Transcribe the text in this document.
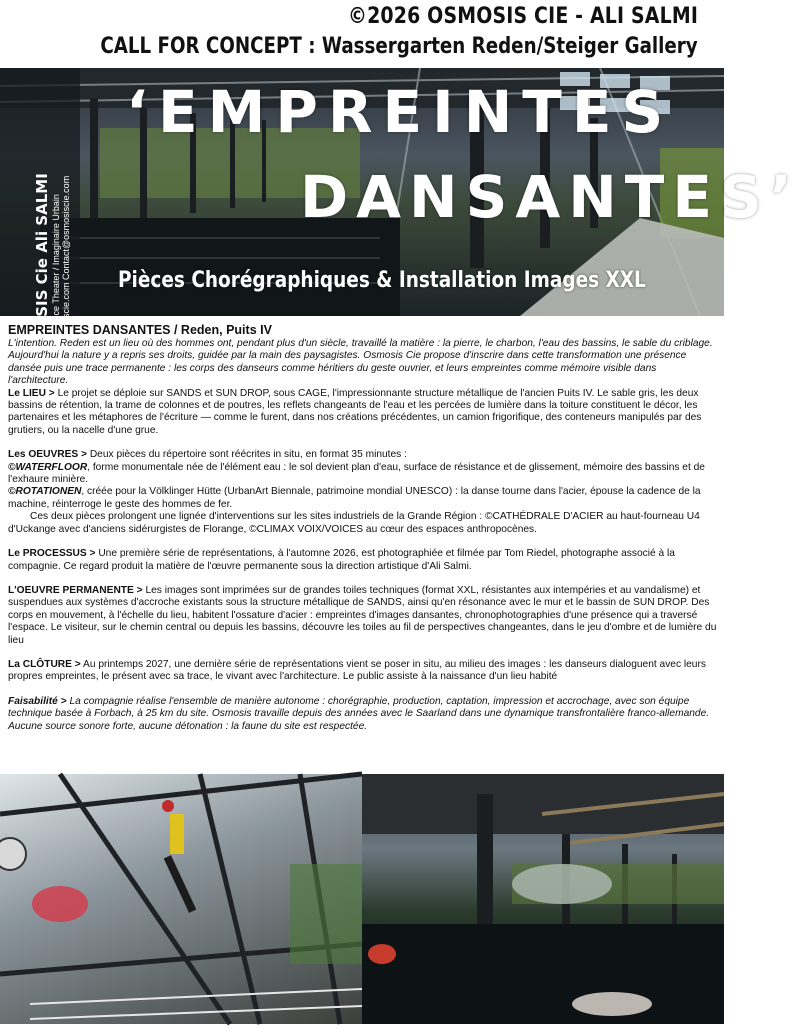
©2026 OSMOSIS CIE - ALI SALMI
CALL FOR CONCEPT : Wassergarten Reden/Steiger Gallery
‘EMPREINTES
DANSANTES’
Pièces Chorégraphiques & Installation Images XXL
OSMOSIS Cie Ali SALMI Physical Dance Theater / Imaginaire Urbain www.osmosiscie.com Contact@osmosiscie.com

EMPREINTES DANSANTES / Reden, Puits IV

L'intention. Reden est un lieu où des hommes ont, pendant plus d'un siècle, travaillé la matière : la pierre, le charbon, l'eau des bassins, le sable du criblage. Aujourd'hui la nature y a repris ses droits, guidée par la main des paysagistes. Osmosis Cie propose d'inscrire dans cette transformation une présence dansée puis une trace permanente : les corps des danseurs comme héritiers du geste ouvrier, et leurs empreintes comme mémoire visible dans l'architecture.

Le LIEU > Le projet se déploie sur SANDS et SUN DROP, sous CAGE, l'impressionnante structure métallique de l'ancien Puits IV. Le sable gris, les deux bassins de rétention, la trame de colonnes et de poutres, les reflets changeants de l'eau et les percées de lumière dans la toiture constituent le décor, les partenaires et les métaphores de l'écriture — comme le furent, dans nos créations précédentes, un camion frigorifique, des conteneurs manipulés par des grutiers, ou la nacelle d'une grue.

Les OEUVRES > Deux pièces du répertoire sont réécrites in situ, en format 35 minutes :

©WATERFLOOR, forme monumentale née de l'élément eau : le sol devient plan d'eau, surface de résistance et de glissement, mémoire des bassins et de l'exhaure minière.

©ROTATIONEN, créée pour la Völklinger Hütte (UrbanArt Biennale, patrimoine mondial UNESCO) : la danse tourne dans l'acier, épouse la cadence de la machine, réinterroge le geste des hommes de fer.

Ces deux pièces prolongent une lignée d'interventions sur les sites industriels de la Grande Région : ©CATHÉDRALE D'ACIER au haut-fourneau U4 d'Uckange avec d'anciens sidérurgistes de Florange, ©CLIMAX VOIX/VOICES au cœur des espaces anthropocènes.

Le PROCESSUS > Une première série de représentations, à l'automne 2026, est photographiée et filmée par Tom Riedel, photographe associé à la compagnie. Ce regard produit la matière de l'œuvre permanente sous la direction artistique d'Ali Salmi.

L'OEUVRE PERMANENTE > Les images sont imprimées sur de grandes toiles techniques (format XXL, résistantes aux intempéries et au vandalisme) et suspendues aux systèmes d'accroche existants sous la structure métallique de SANDS, ainsi qu'en résonance avec le mur et le bassin de SUN DROP. Des corps en mouvement, à l'échelle du lieu, habitent l'ossature d'acier : empreintes d'images dansantes, chronophotographies d'une présence qui a traversé l'espace. Le visiteur, sur le chemin central ou depuis les bassins, découvre les toiles au fil de perspectives changeantes, dans le jeu d'ombre et de lumière du lieu

La CLÔTURE > Au printemps 2027, une dernière série de représentations vient se poser in situ, au milieu des images : les danseurs dialoguent avec leurs propres empreintes, le présent avec sa trace, le vivant avec l'architecture. Le public assiste à la naissance d'un lieu habité

Faisabilité > La compagnie réalise l'ensemble de manière autonome : chorégraphie, production, captation, impression et accrochage, avec son équipe technique basée à Forbach, à 25 km du site. Osmosis travaille depuis des années avec le Saarland dans une dynamique transfrontalière franco-allemande. Aucune source sonore forte, aucune détonation : la faune du site est respectée.
